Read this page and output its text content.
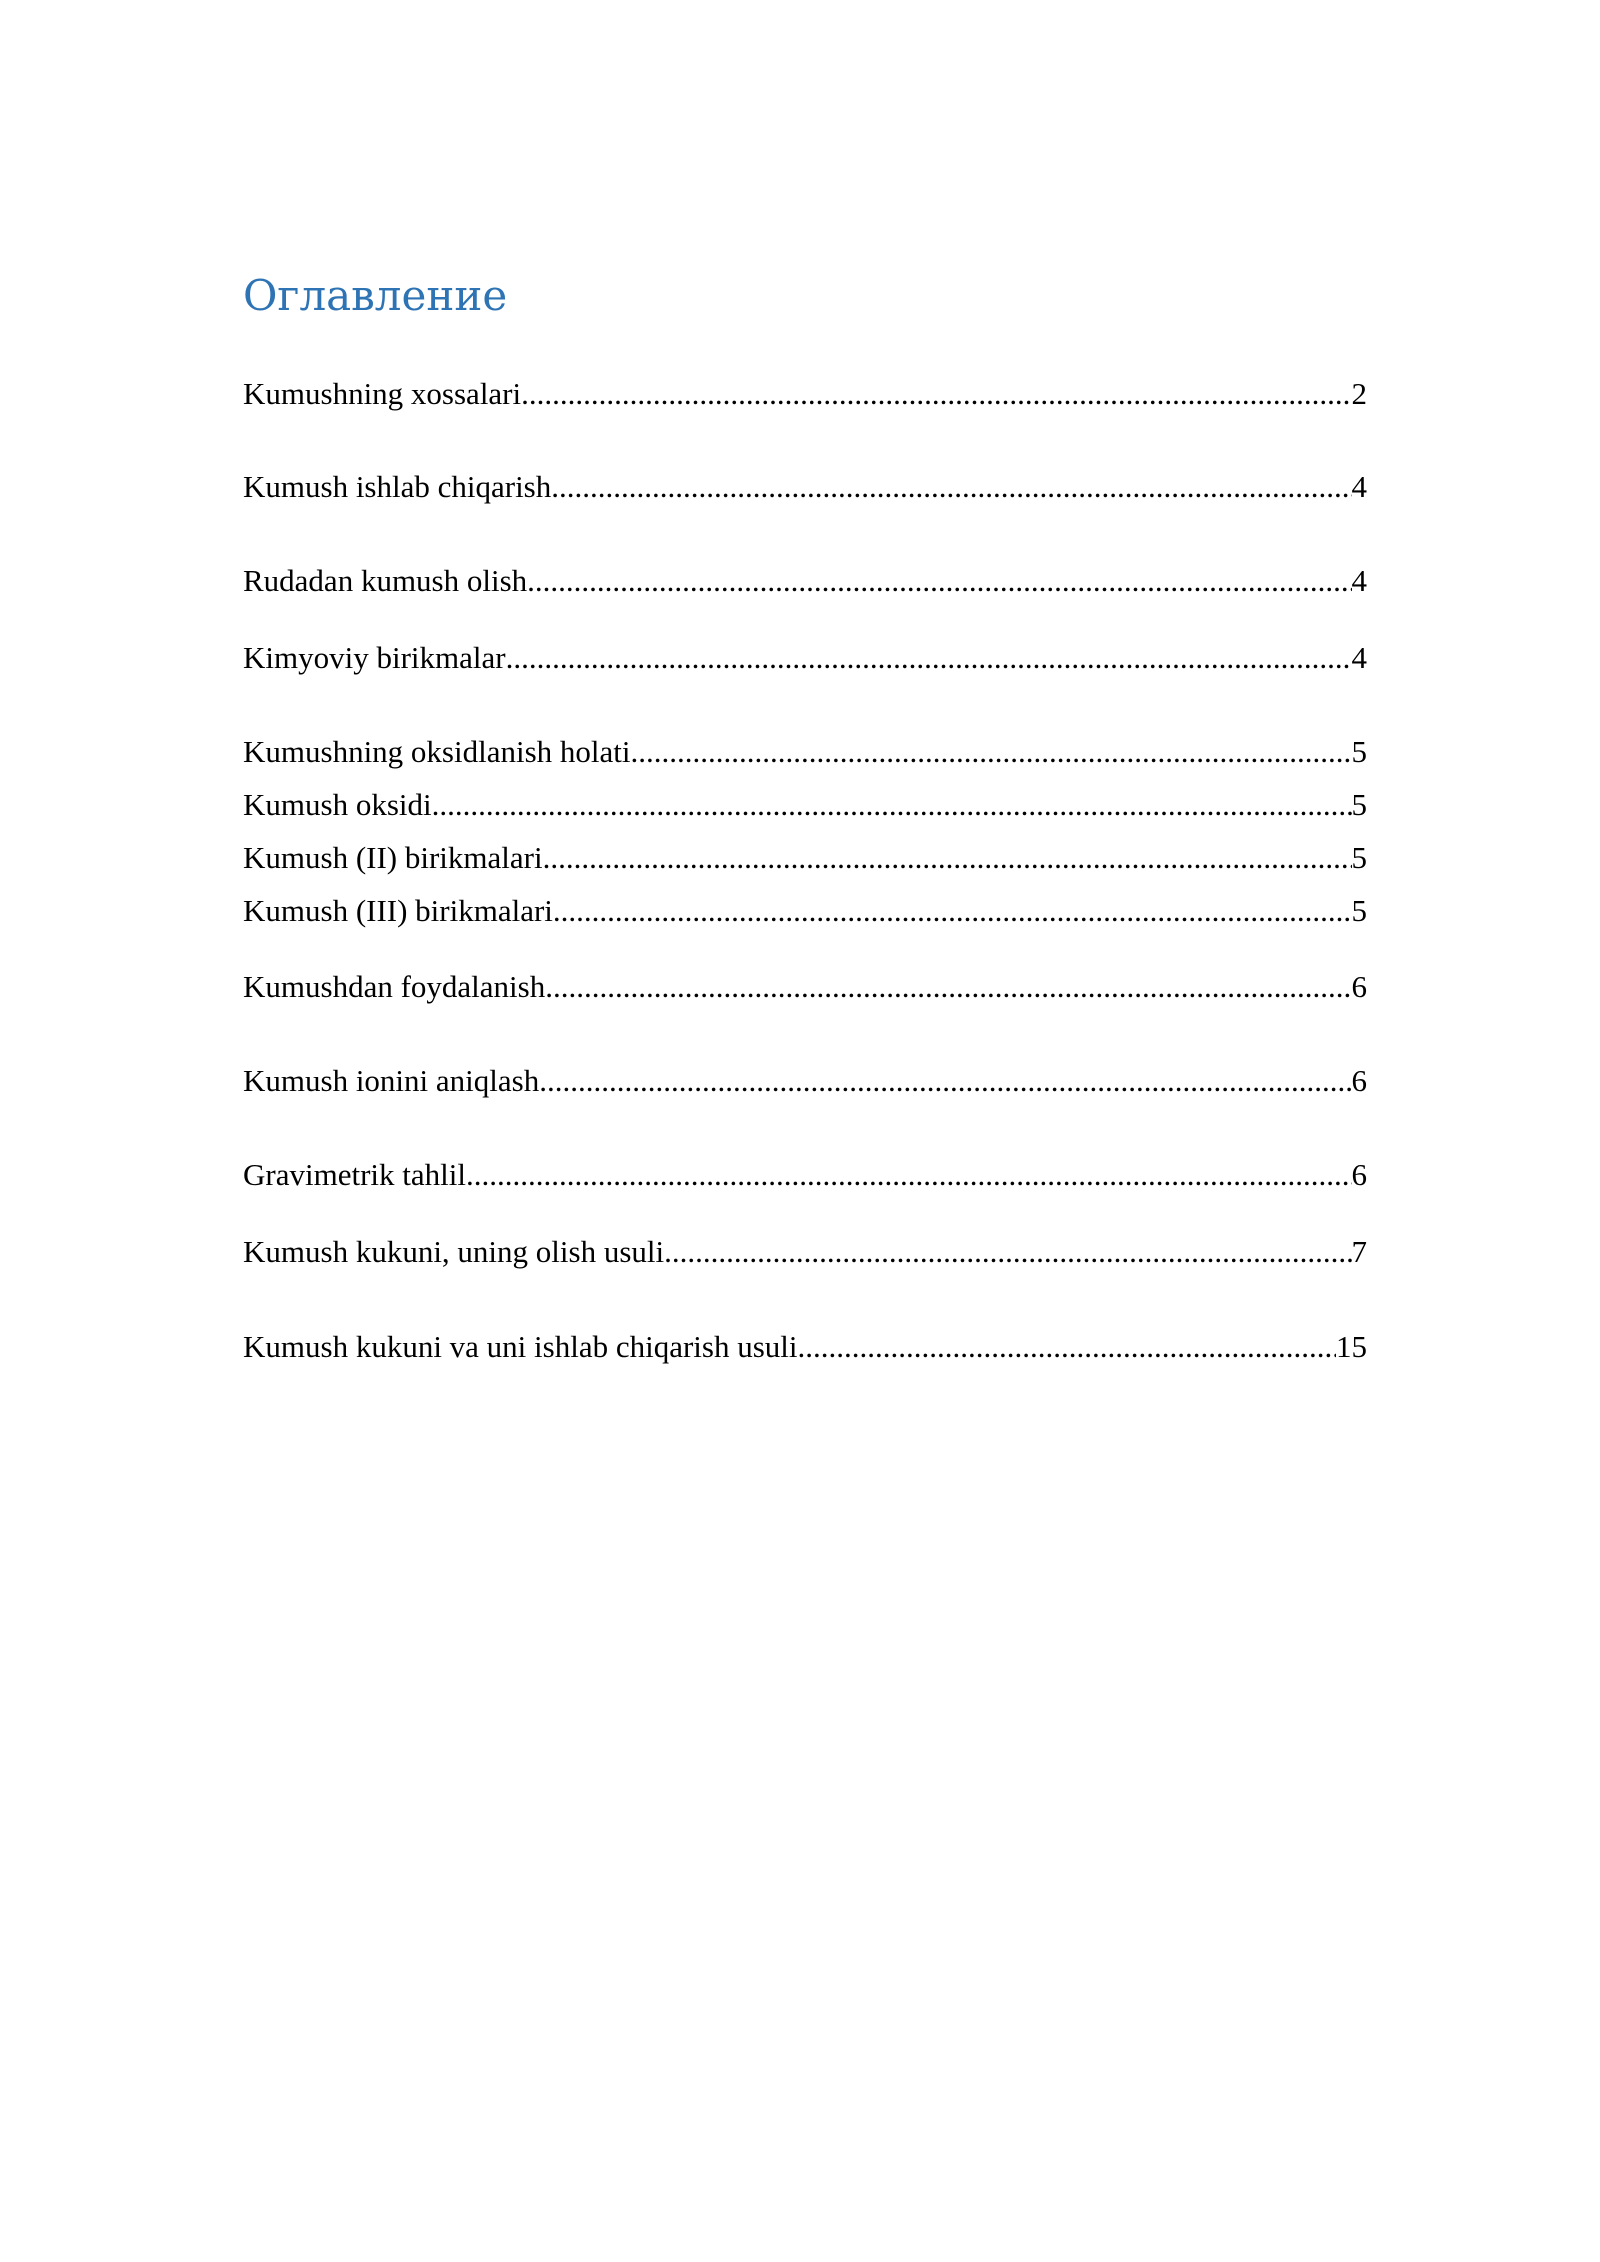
Оглавление
Kumushning xossalari .....	2
Kumush ishlab chiqarish .....	4
Rudadan kumush olish .....	4
Kimyoviy birikmalar .....	4
Kumushning oksidlanish holati .....	5
Kumush oksidi .....	5
Kumush (II) birikmalari .....	5
Kumush (III) birikmalari .....	5
Kumushdan foydalanish .....	6
Kumush ionini aniqlash .....	6
Gravimetrik tahlil .....	6
Kumush kukuni, uning olish usuli .....	7
Kumush kukuni va uni ishlab chiqarish usuli .....	15
